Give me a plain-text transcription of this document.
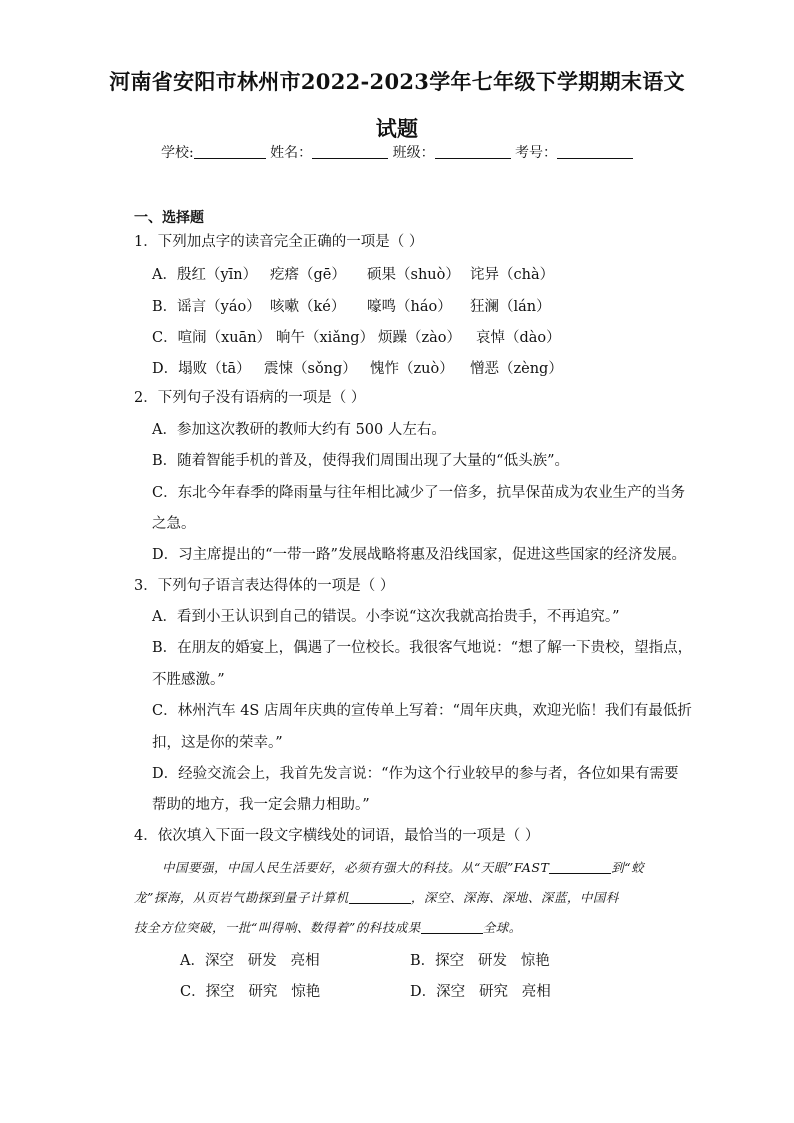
河南省安阳市林州市2022-2023学年七年级下学期期末语文
试题
学校:	姓名：	班级：	考号：
一、选择题
1．下列加点字的读音完全正确的一项是（ ）
A．殷红（yīn） 疙瘩（gē） 硕果（shuò） 诧异（chà）
B．谣言（yáo） 咳嗽（ké） 嚎鸣（háo） 狂澜（lán）
C．喧闹（xuān） 晌午（xiǎng） 烦躁（zào） 哀悼（dào）
D．塌败（tā） 震悚（sǒng） 愧怍（zuò） 憎恶（zèng）
2．下列句子没有语病的一项是（ ）
A．参加这次教研的教师大约有 500 人左右。
B．随着智能手机的普及，使得我们周围出现了大量的“低头族”。
C．东北今年春季的降雨量与往年相比减少了一倍多，抗旱保苗成为农业生产的当务
之急。
D．习主席提出的“一带一路”发展战略将惠及沿线国家，促进这些国家的经济发展。
3．下列句子语言表达得体的一项是（ ）
A．看到小王认识到自己的错误。小李说“这次我就高抬贵手，不再追究。”
B．在朋友的婚宴上，偶遇了一位校长。我很客气地说：“想了解一下贵校，望指点，
不胜感激。”
C．林州汽车 4S 店周年庆典的宣传单上写着：“周年庆典，欢迎光临！我们有最低折
扣，这是你的荣幸。”
D．经验交流会上，我首先发言说：“作为这个行业较早的参与者，各位如果有需要
帮助的地方，我一定会鼎力相助。”
4．依次填入下面一段文字横线处的词语，最恰当的一项是（ ）
中国要强，中国人民生活要好，必须有强大的科技。从“天眼”FAST	到“蛟
龙”探海，从页岩气勘探到量子计算机	，深空、深海、深地、深蓝，中国科
技全方位突破，一批“叫得响、数得着”的科技成果	全球。
A．深空   研发   亮相	B．探空   研发   惊艳
C．探空   研究   惊艳	D．深空   研究   亮相
